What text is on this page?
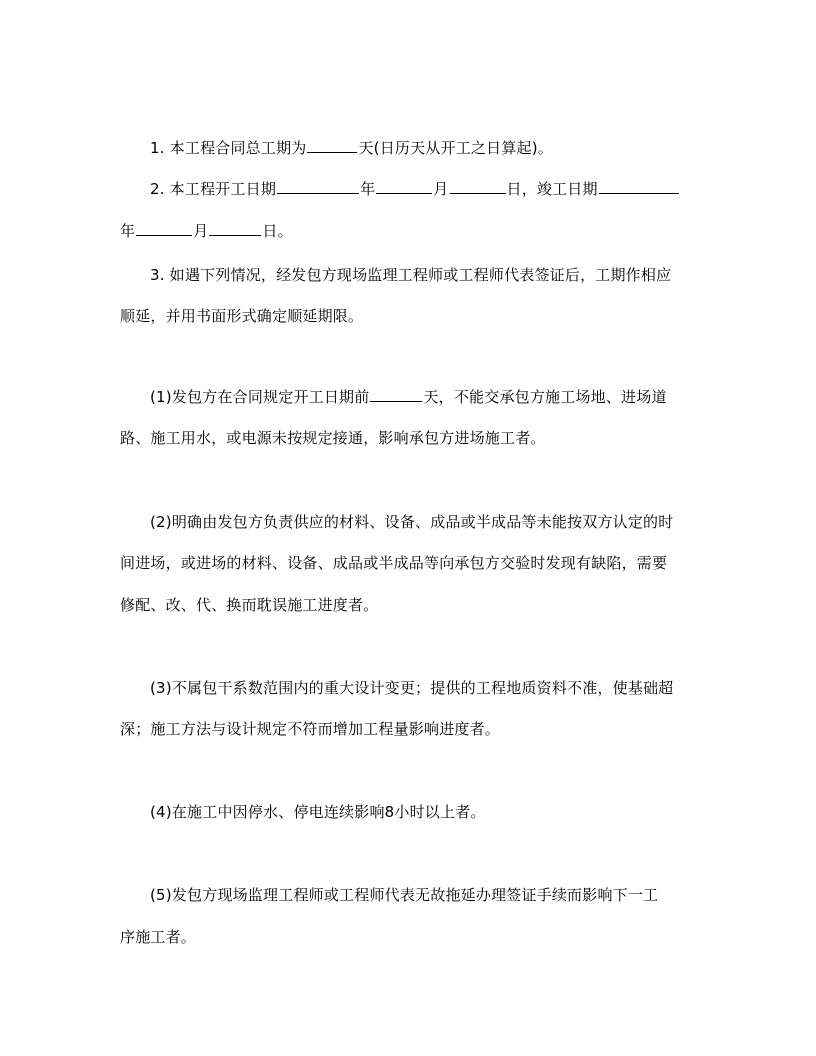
1. 本工程合同总工期为	天(日历天从开工之日算起)。
2. 本工程开工日期	年	月	日，竣工日期
年	月	日。
3. 如遇下列情况，经发包方现场监理工程师或工程师代表签证后，工期作相应
顺延，并用书面形式确定顺延期限。
(1)发包方在合同规定开工日期前	天，不能交承包方施工场地、进场道
路、施工用水，或电源未按规定接通，影响承包方进场施工者。
(2)明确由发包方负责供应的材料、设备、成品或半成品等未能按双方认定的时
间进场，或进场的材料、设备、成品或半成品等向承包方交验时发现有缺陷，需要
修配、改、代、换而耽误施工进度者。
(3)不属包干系数范围内的重大设计变更；提供的工程地质资料不准，使基础超
深；施工方法与设计规定不符而增加工程量影响进度者。
(4)在施工中因停水、停电连续影响8小时以上者。
(5)发包方现场监理工程师或工程师代表无故拖延办理签证手续而影响下一工
序施工者。
